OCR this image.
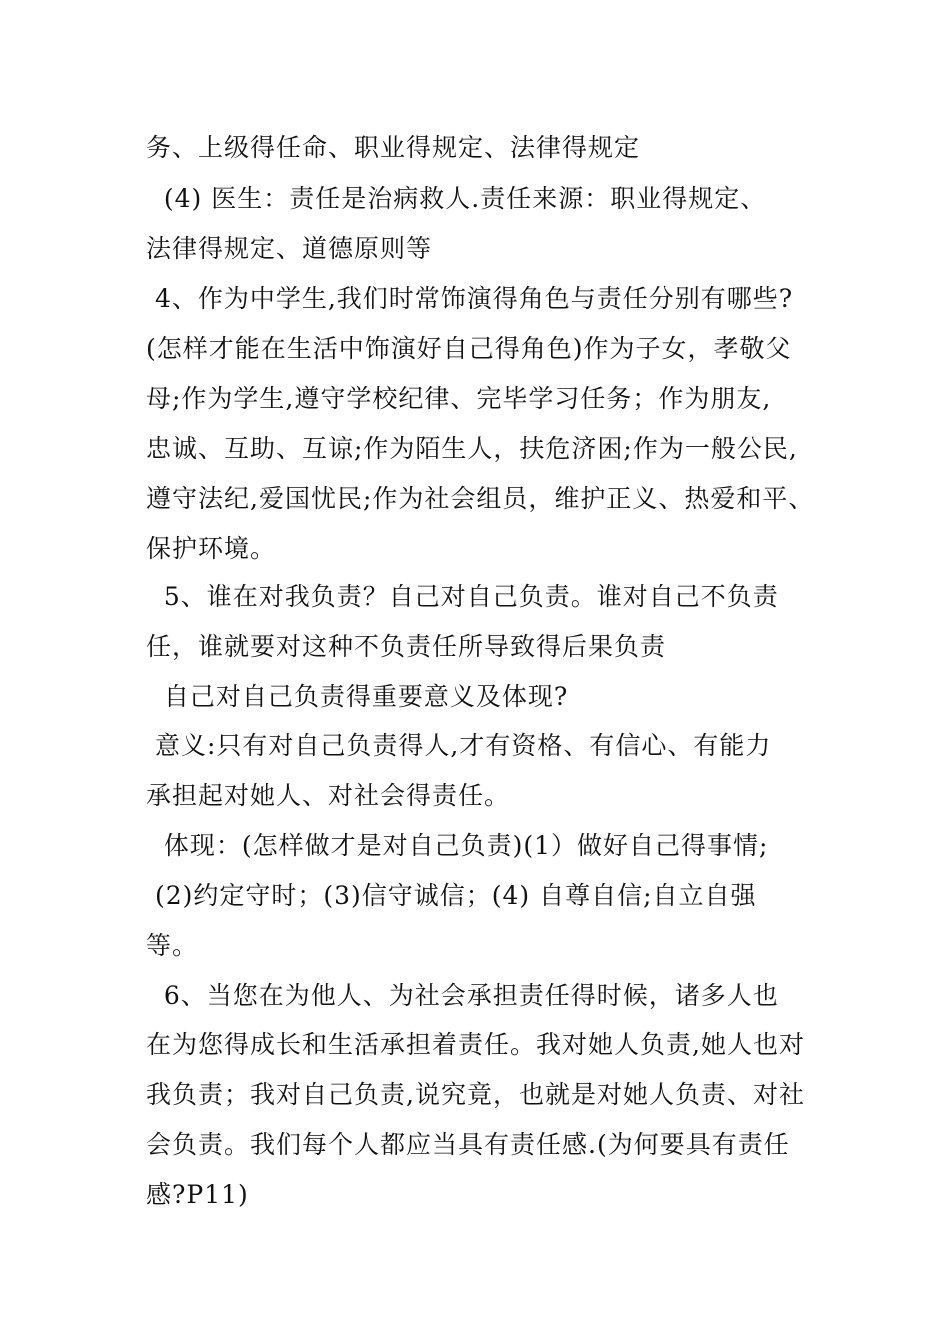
务、上级得任命、职业得规定、法律得规定
(4) 医生：责任是治病救人.责任来源：职业得规定、
法律得规定、道德原则等
4、作为中学生,我们时常饰演得角色与责任分别有哪些?
(怎样才能在生活中饰演好自己得角色)作为子女，孝敬父
母;作为学生,遵守学校纪律、完毕学习任务；作为朋友,
忠诚、互助、互谅;作为陌生人，扶危济困;作为一般公民,
遵守法纪,爱国忧民;作为社会组员，维护正义、热爱和平、
保护环境。
5、谁在对我负责？自己对自己负责。谁对自己不负责
任，谁就要对这种不负责任所导致得后果负责
自己对自己负责得重要意义及体现?
意义:只有对自己负责得人,才有资格、有信心、有能力
承担起对她人、对社会得责任。
体现：(怎样做才是对自己负责)(1）做好自己得事情;
(2)约定守时；(3)信守诚信；(4) 自尊自信;自立自强
等。
6、当您在为他人、为社会承担责任得时候，诸多人也
在为您得成长和生活承担着责任。我对她人负责,她人也对
我负责；我对自己负责,说究竟，也就是对她人负责、对社
会负责。我们每个人都应当具有责任感.(为何要具有责任
感?P11)
